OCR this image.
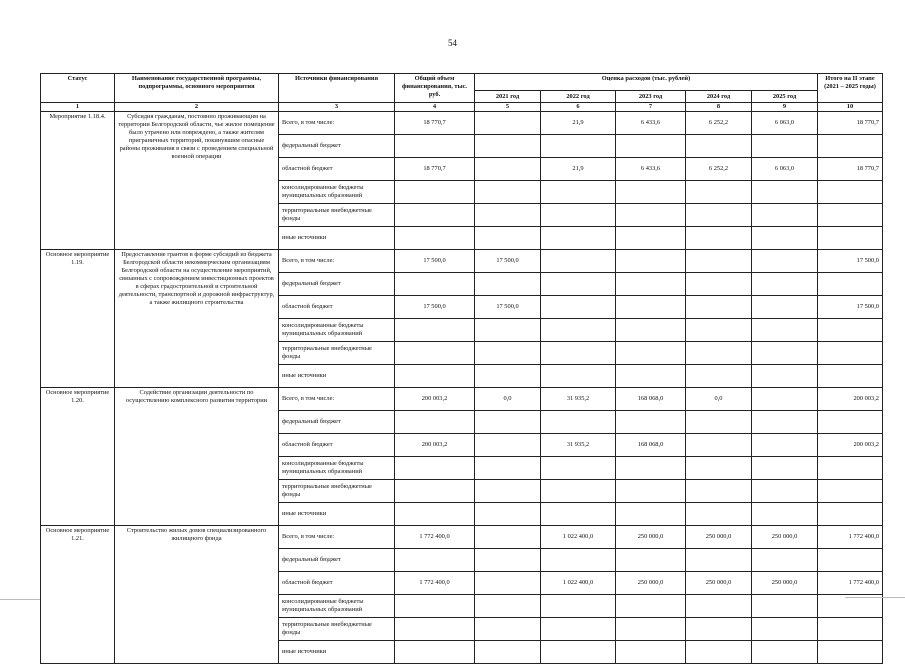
54
Статус	Наименование государственной программы, подпрограммы, основного мероприятия	Источники финансирования	Общий объем финансирования, тыс. руб.	Оценка расходов (тыс. рублей)					Итого на II этапе (2021 – 2025 годы)
				2021 год	2022 год	2023 год	2024 год	2025 год	
1	2	3	4	5	6	7	8	9	10
Мероприятие 1.18.4.	Субсидия гражданам, постоянно проживающим на территории Белгородской области, чье жилое помещение было утрачено или повреждено, а также жителям приграничных территорий, покинувшим опасные районы проживания в связи с проведением специальной военной операции	Всего, в том числе:	18 770,7		21,9	6 433,6	6 252,2	6 063,0	18 770,7
		федеральный бюджет							
		областной бюджет	18 770,7		21,9	6 433,6	6 252,2	6 063,0	18 770,7
		консолидированные бюджеты муниципальных образований							
		территориальные внебюджетные фонды							
		иные источники							
Основное мероприятие 1.19.	Предоставление грантов в форме субсидий из бюджета Белгородской области некоммерческим организациям Белгородской области на осуществление мероприятий, связанных с сопровождением инвестиционных проектов в сферах градостроительной и строительной деятельности, транспортной и дорожной инфраструктур, а также жилищного строительства	Всего, в том числе:	17 500,0	17 500,0					17 500,0
		федеральный бюджет							
		областной бюджет	17 500,0	17 500,0					17 500,0
		консолидированные бюджеты муниципальных образований							
		территориальные внебюджетные фонды							
		иные источники							
Основное мероприятие 1.20.	Содействие организации деятельности по осуществлению комплексного развития территории	Всего, в том числе:	200 003,2	0,0	31 935,2	168 068,0	0,0		200 003,2
		федеральный бюджет							
		областной бюджет	200 003,2		31 935,2	168 068,0			200 003,2
		консолидированные бюджеты муниципальных образований							
		территориальные внебюджетные фонды							
		иные источники							
Основное мероприятие 1.21.	Строительство жилых домов специализированного жилищного фонда	Всего, в том числе:	1 772 400,0		1 022 400,0	250 000,0	250 000,0	250 000,0	1 772 400,0
		федеральный бюджет							
		областной бюджет	1 772 400,0		1 022 400,0	250 000,0	250 000,0	250 000,0	1 772 400,0
		консолидированные бюджеты муниципальных образований							
		территориальные внебюджетные фонды							
		иные источники							
